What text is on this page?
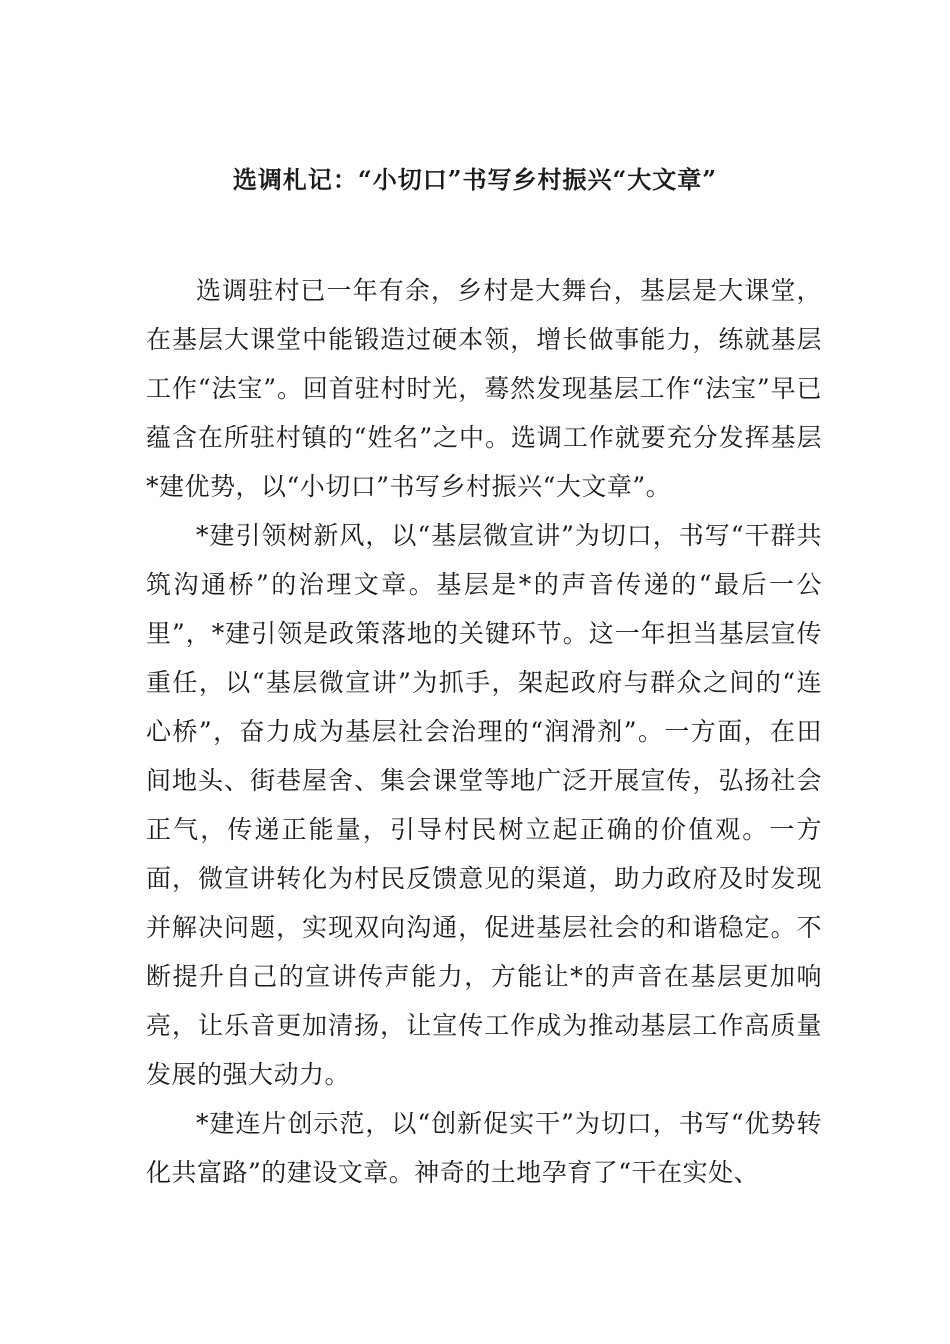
选调札记：“小切口”书写乡村振兴“大文章”

选调驻村已一年有余，乡村是大舞台，基层是大课堂，在基层大课堂中能锻造过硬本领，增长做事能力，练就基层工作“法宝”。回首驻村时光，蓦然发现基层工作“法宝”早已蕴含在所驻村镇的“姓名”之中。选调工作就要充分发挥基层*建优势，以“小切口”书写乡村振兴“大文章”。

*建引领树新风，以“基层微宣讲”为切口，书写“干群共筑沟通桥”的治理文章。基层是*的声音传递的“最后一公里”，*建引领是政策落地的关键环节。这一年担当基层宣传重任，以“基层微宣讲”为抓手，架起政府与群众之间的“连心桥”，奋力成为基层社会治理的“润滑剂”。一方面，在田间地头、街巷屋舍、集会课堂等地广泛开展宣传，弘扬社会正气，传递正能量，引导村民树立起正确的价值观。一方面，微宣讲转化为村民反馈意见的渠道，助力政府及时发现并解决问题，实现双向沟通，促进基层社会的和谐稳定。不断提升自己的宣讲传声能力，方能让*的声音在基层更加响亮，让乐音更加清扬，让宣传工作成为推动基层工作高质量发展的强大动力。

*建连片创示范，以“创新促实干”为切口，书写“优势转化共富路”的建设文章。神奇的土地孕育了“干在实处、
